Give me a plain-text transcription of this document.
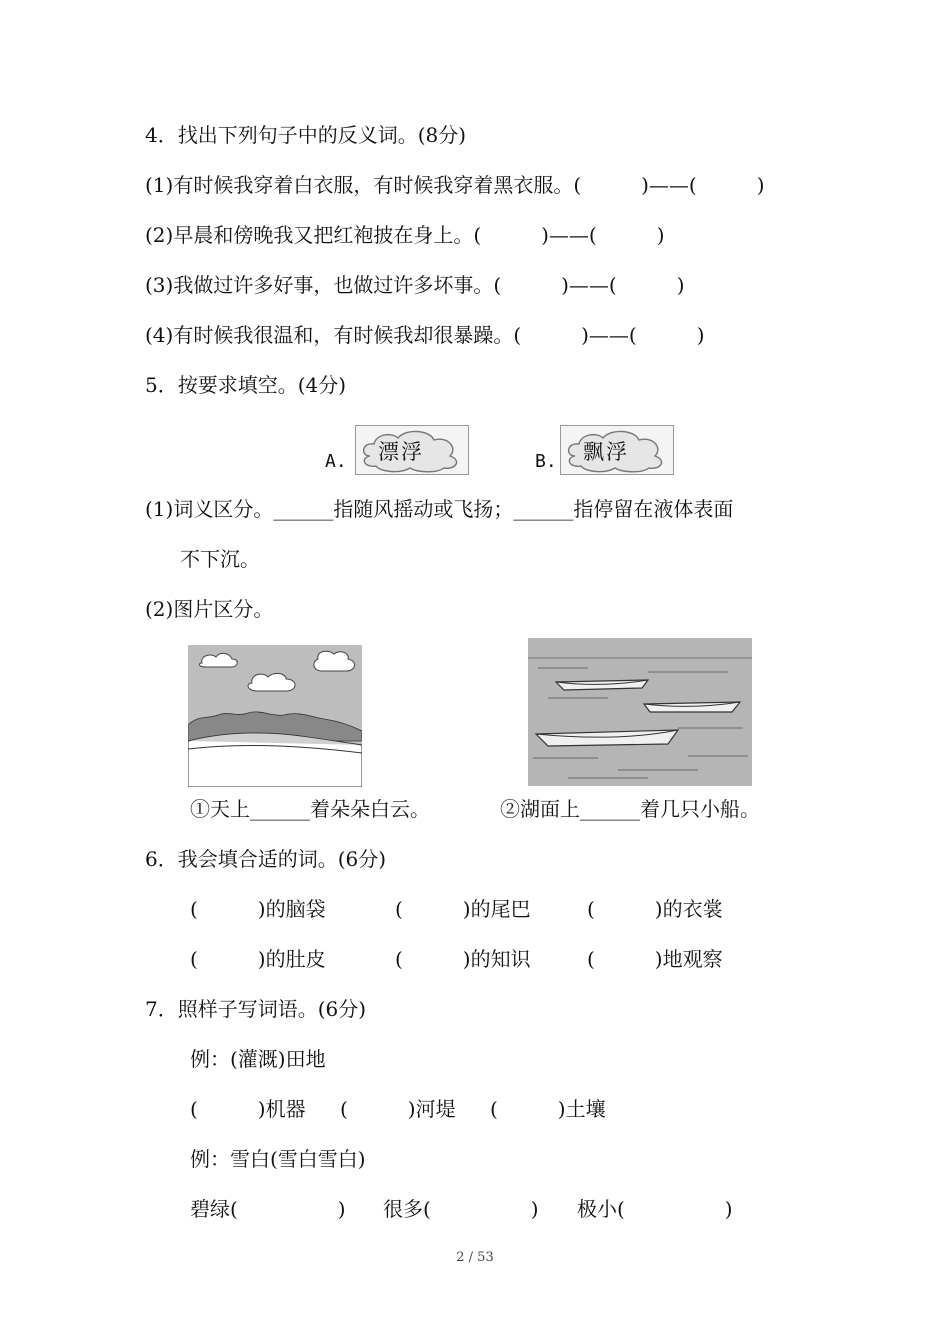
4．找出下列句子中的反义词。(8分)
(1)有时候我穿着白衣服，有时候我穿着黑衣服。(　　　)——(　　　)
(2)早晨和傍晚我又把红袍披在身上。(　　　)——(　　　)
(3)我做过许多好事，也做过许多坏事。(　　　)——(　　　)
(4)有时候我很温和，有时候我却很暴躁。(　　　)——(　　　)
5．按要求填空。(4分)
A. 漂浮	B. 飘浮
(1)词义区分。______指随风摇动或飞扬；______指停留在液体表面
不下沉。
(2)图片区分。
①天上______着朵朵白云。	②湖面上______着几只小船。
6．我会填合适的词。(6分)
(　　　)的脑袋	(　　　)的尾巴	(　　　)的衣裳
(　　　)的肚皮	(　　　)的知识	(　　　)地观察
7．照样子写词语。(6分)
例：(灌溉)田地
(　　　)机器 (　　　)河堤 (　　　)土壤
例：雪白(雪白雪白)
碧绿(　　　　　) 很多(　　　　　) 极小(　　　　　)
2 / 53
